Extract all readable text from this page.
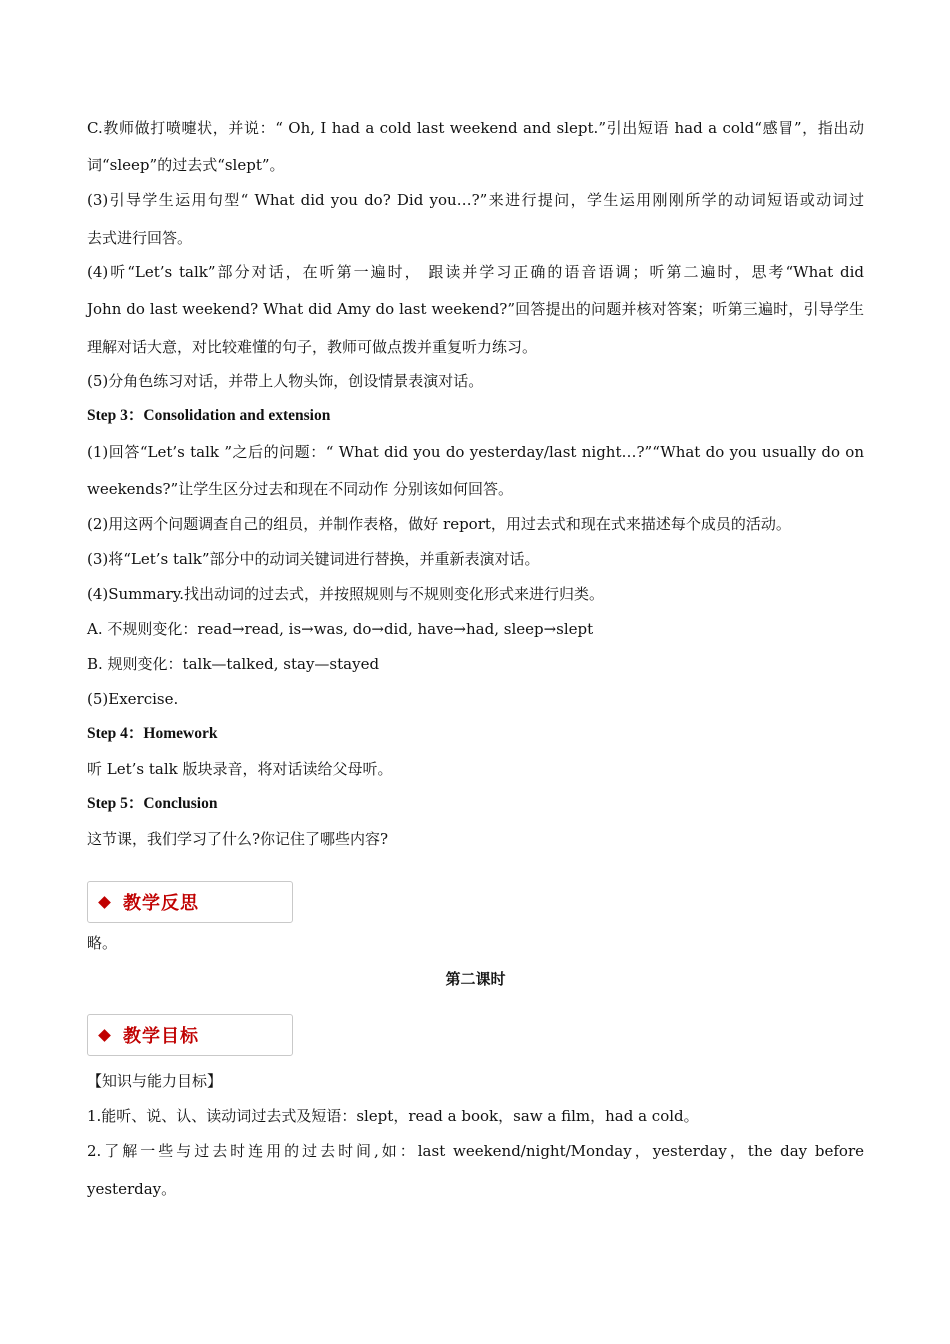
C.教师做打喷嚏状，并说：“ Oh, I had a cold last weekend and slept.”引出短语 had a cold“感冒”，指出动
词“sleep”的过去式“slept”。
(3)引导学生运用句型“ What did you do? Did you…?”来进行提问，学生运用刚刚所学的动词短语或动词过
去式进行回答。
(4)听“Let’s talk”部分对话，在听第一遍时， 跟读并学习正确的语音语调；听第二遍时，思考“What did
John do last weekend? What did Amy do last weekend?”回答提出的问题并核对答案；听第三遍时，引导学生
理解对话大意，对比较难懂的句子，教师可做点拨并重复听力练习。
(5)分角色练习对话，并带上人物头饰，创设情景表演对话。
Step 3：Consolidation and extension
(1)回答“Let’s talk ”之后的问题：“ What did you do yesterday/last night…?”“What do you usually do on
weekends?”让学生区分过去和现在不同动作 分别该如何回答。
(2)用这两个问题调查自己的组员，并制作表格，做好 report，用过去式和现在式来描述每个成员的活动。
(3)将“Let’s talk”部分中的动词关键词进行替换，并重新表演对话。
(4)Summary.找出动词的过去式，并按照规则与不规则变化形式来进行归类。
A. 不规则变化：read→read, is→was, do→did, have→had, sleep→slept
B. 规则变化：talk—talked, stay—stayed
(5)Exercise.
Step 4：Homework
听 Let’s talk 版块录音，将对话读给父母听。
Step 5：Conclusion
这节课，我们学习了什么?你记住了哪些内容?
教学反思
略。
第二课时
教学目标
【知识与能力目标】
1.能听、说、认、读动词过去式及短语：slept，read a book，saw a film，had a cold。
2.了解一些与过去时连用的过去时间,如：last weekend/night/Monday，yesterday，the day before
yesterday。
